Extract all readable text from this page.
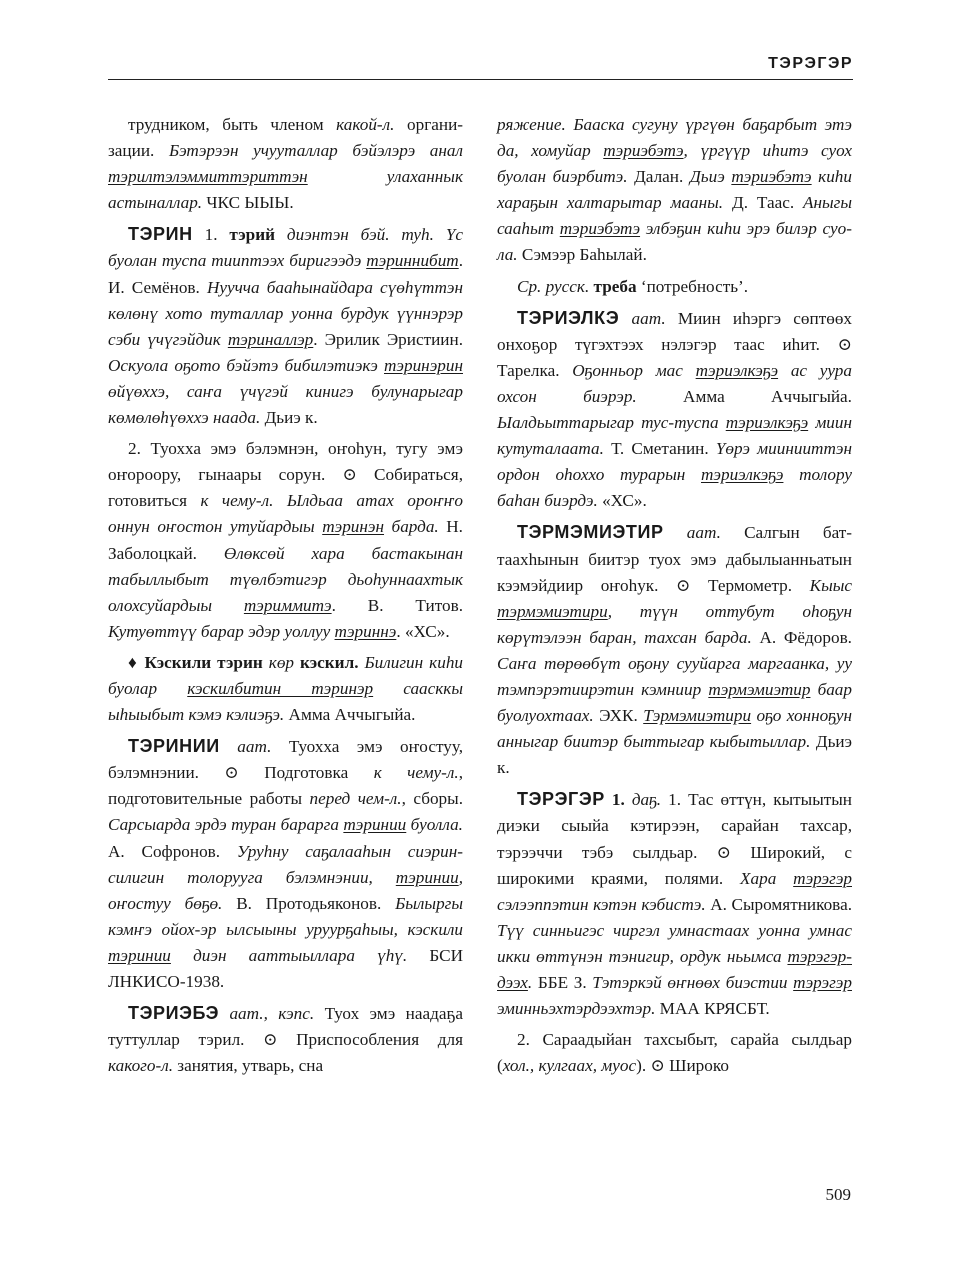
ТЭРЭГЭР

трудником, быть членом какой-л. организации. Бэтэрээн учууталлар бэйэлэрэ анал тэрилтэлэммиттэриттэн улаханнык астыналлар. ЧКС ЫЫЫ.

ТЭРИН 1. тэрий диэнтэн бэй. туһ. Үс буолан туспа тииптээх биригээдэ тэриннибит. И. Семёнов. Нуучча бааһынайдара сүөһүттэн көлөнү хото туталлар уонна бурдук үүннэрэр сэби үчүгэйдик тэриналлэр. Эрилик Эристиин. Оскуола оҕото бэйэтэ бибилэтиэкэ тэринэрин өйүөххэ, саҥа үчүгэй кинигэ булунарыгар көмөлөһүөххэ наада. Дьиэ к.

2. Туохха эмэ бэлэмнэн, оҥоһун, тугу эмэ оҥороору, гынаары сорун. ⊙ Собираться, готовиться к чему-л. Ылдьаа атах ороҥҥо оннун оҥостон утуйардыы тэринэн барда. Н. Заболоцкай. Өлөксөй хара бастакынан табыллыбыт түөлбэтигэр дьоһуннаахтык олохсуйардыы тэриммитэ. В. Титов. Кутуөттүү барар эдэр уоллуу тэриннэ. «ХС».

♦ Кэскили тэрин көр кэскил. Билигин киһи буолар кэскилбитин тэринэр саасккы ыһыыбыт кэмэ кэлиэҕэ. Амма Аччыгыйа.

ТЭРИНИИ аат. Туохха эмэ оҥостуу, бэлэмнэнии. ⊙ Подготовка к чему-л., подготовительные работы перед чем-л., сборы. Сарсыарда эрдэ туран барарга тэринии буолла. А. Софронов. Уруһну саҕалааһын сиэрин-силигин толорууга бэлэмнэнии, тэринии, оҥостуу бөҕө. В. Протодьяконов. Былыргы кэмҥэ ойох-эр ылсыыны уруурҕаһыы, кэскили тэринии диэн ааттыыллара үһү. БСИ ЛНКИСО-1938.

ТЭРИЭБЭ аат., кэпс. Туох эмэ наадаҕа туттуллар тэрил. ⊙ Приспособления для какого-л. занятия, утварь, сна

ряжение. Бааска сугуну үргүөн баҕарбыт этэ да, хомуйар тэриэбэтэ, үргүүр иһитэ суох буолан биэрбитэ. Далан. Дьиэ тэриэбэтэ киһи хараҕын халтарытар мааны. Д. Таас. Аныгы сааһыт тэриэбэтэ элбэҕин киһи эрэ билэр суола. Сэмээр Баһылай.

Ср. русск. треба ‘потребность’.

ТЭРИЭЛКЭ аат. Миин иһэргэ сөптөөх онхоҕор түгэхтээх нэлэгэр таас иһит. ⊙ Тарелка. Оҕонньор мас тэриэлкэҕэ ас уура охсон биэрэр. Амма Аччыгыйа. Ыалдьыттарыгар тус-туспа тэриэлкэҕэ миин кутуталаата. Т. Сметанин. Үөрэ миинииттэн ордон оһоххо турарын тэриэлкэҕэ толору баһан биэрдэ. «ХС».

ТЭРМЭМИЭТИР аат. Салгын баттаахһынын биитэр туох эмэ дабылыанньатын кээмэйдиир оҥоһук. ⊙ Термометр. Кыыс тэрмэмиэтири, түүн оттубут оһоҕун көрүтэлээн баран, тахсан барда. А. Фёдоров. Саҥа төрөөбүт оҕону сууйарга маргаанка, уу тэмпэрэтиирэтин кэмниир тэрмэмиэтир баар буолуохтаах. ЭХК. Тэрмэмиэтири оҕо хонноҕун анныгар биитэр быттыгар кыбытыллар. Дьиэ к.

ТЭРЭГЭР 1. даҕ. 1. Тас өттүн, кытыытын диэки сыыйа кэтирээн, сарайан тахсар, тэрээччи тэбэ сылдьар. ⊙ Широкий, с широкими краями, полями. Хара тэрэгэр сэлээппэтин кэтэн кэбистэ. А. Сыромятникова. Түү синньигэс чиргэл умнастаах уонна умнас икки өттүнэн тэнигир, ордук ньымса тэрэгэрдээх. ББЕ З. Тэтэркэй өҥнөөх биэстии тэрэгэр эминньэхтэрдээхтэр. МАА КРЯСБТ.

2. Сараадыйан тахсыбыт, сарайа сылдьар (хол., кулгаах, муос). ⊙ Широко

509
